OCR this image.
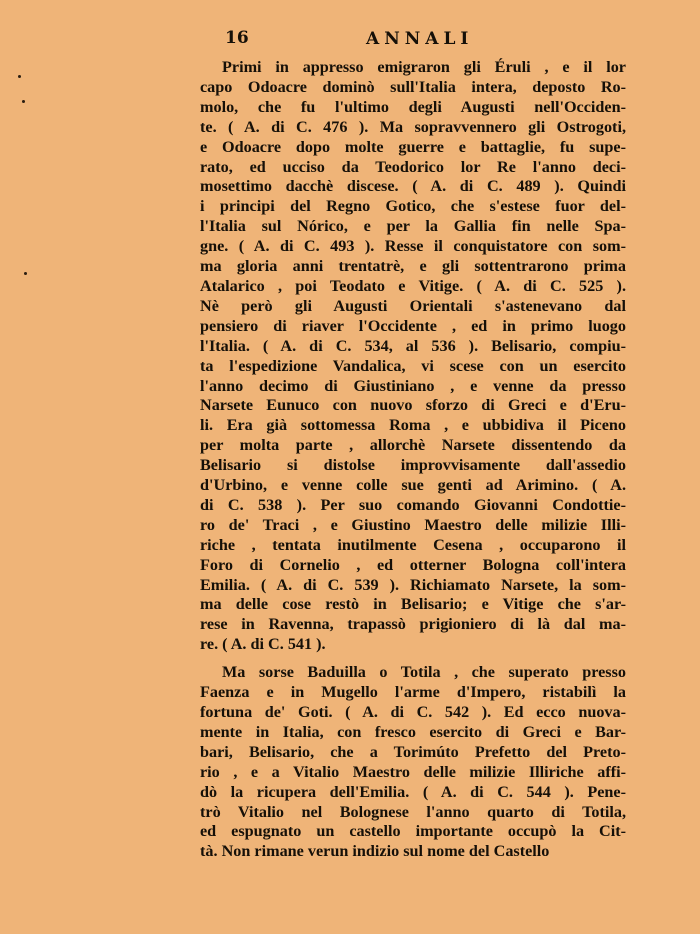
16	ANNALI
Primi in appresso emigraron gli Éruli , e il lor
capo Odoacre dominò sull'Italia intera, deposto Ro-
molo, che fu l'ultimo degli Augusti nell'Occiden-
te. ( A. di C. 476 ). Ma sopravvennero gli Ostrogoti,
e Odoacre dopo molte guerre e battaglie, fu supe-
rato, ed ucciso da Teodorico lor Re l'anno deci-
mosettimo dacchè discese. ( A. di C. 489 ). Quindi
i principi del Regno Gotico, che s'estese fuor del-
l'Italia sul Nórico, e per la Gallia fin nelle Spa-
gne. ( A. di C. 493 ). Resse il conquistatore con som-
ma gloria anni trentatrè, e gli sottentrarono prima
Atalarico , poi Teodato e Vitige. ( A. di C. 525 ).
Nè però gli Augusti Orientali s'astenevano dal
pensiero di riaver l'Occidente , ed in primo luogo
l'Italia. ( A. di C. 534, al 536 ). Belisario, compiu-
ta l'espedizione Vandalica, vi scese con un esercito
l'anno decimo di Giustiniano , e venne da presso
Narsete Eunuco con nuovo sforzo di Greci e d'Eru-
li. Era già sottomessa Roma , e ubbidiva il Piceno
per molta parte , allorchè Narsete dissentendo da
Belisario si distolse improvvisamente dall'assedio
d'Urbino, e venne colle sue genti ad Arimino. ( A.
di C. 538 ). Per suo comando Giovanni Condottie-
ro de' Traci , e Giustino Maestro delle milizie Illi-
riche , tentata inutilmente Cesena , occuparono il
Foro di Cornelio , ed otterner Bologna coll'intera
Emilia. ( A. di C. 539 ). Richiamato Narsete, la som-
ma delle cose restò in Belisario; e Vitige che s'ar-
rese in Ravenna, trapassò prigioniero di là dal ma-
re. ( A. di C. 541 ).
Ma sorse Baduilla o Totila , che superato presso
Faenza e in Mugello l'arme d'Impero, ristabilì la
fortuna de' Goti. ( A. di C. 542 ). Ed ecco nuova-
mente in Italia, con fresco esercito di Greci e Bar-
bari, Belisario, che a Torimúto Prefetto del Preto-
rio , e a Vitalio Maestro delle milizie Illiriche affi-
dò la ricupera dell'Emilia. ( A. di C. 544 ). Pene-
trò Vitalio nel Bolognese l'anno quarto di Totila,
ed espugnato un castello importante occupò la Cit-
tà. Non rimane verun indizio sul nome del Castello
